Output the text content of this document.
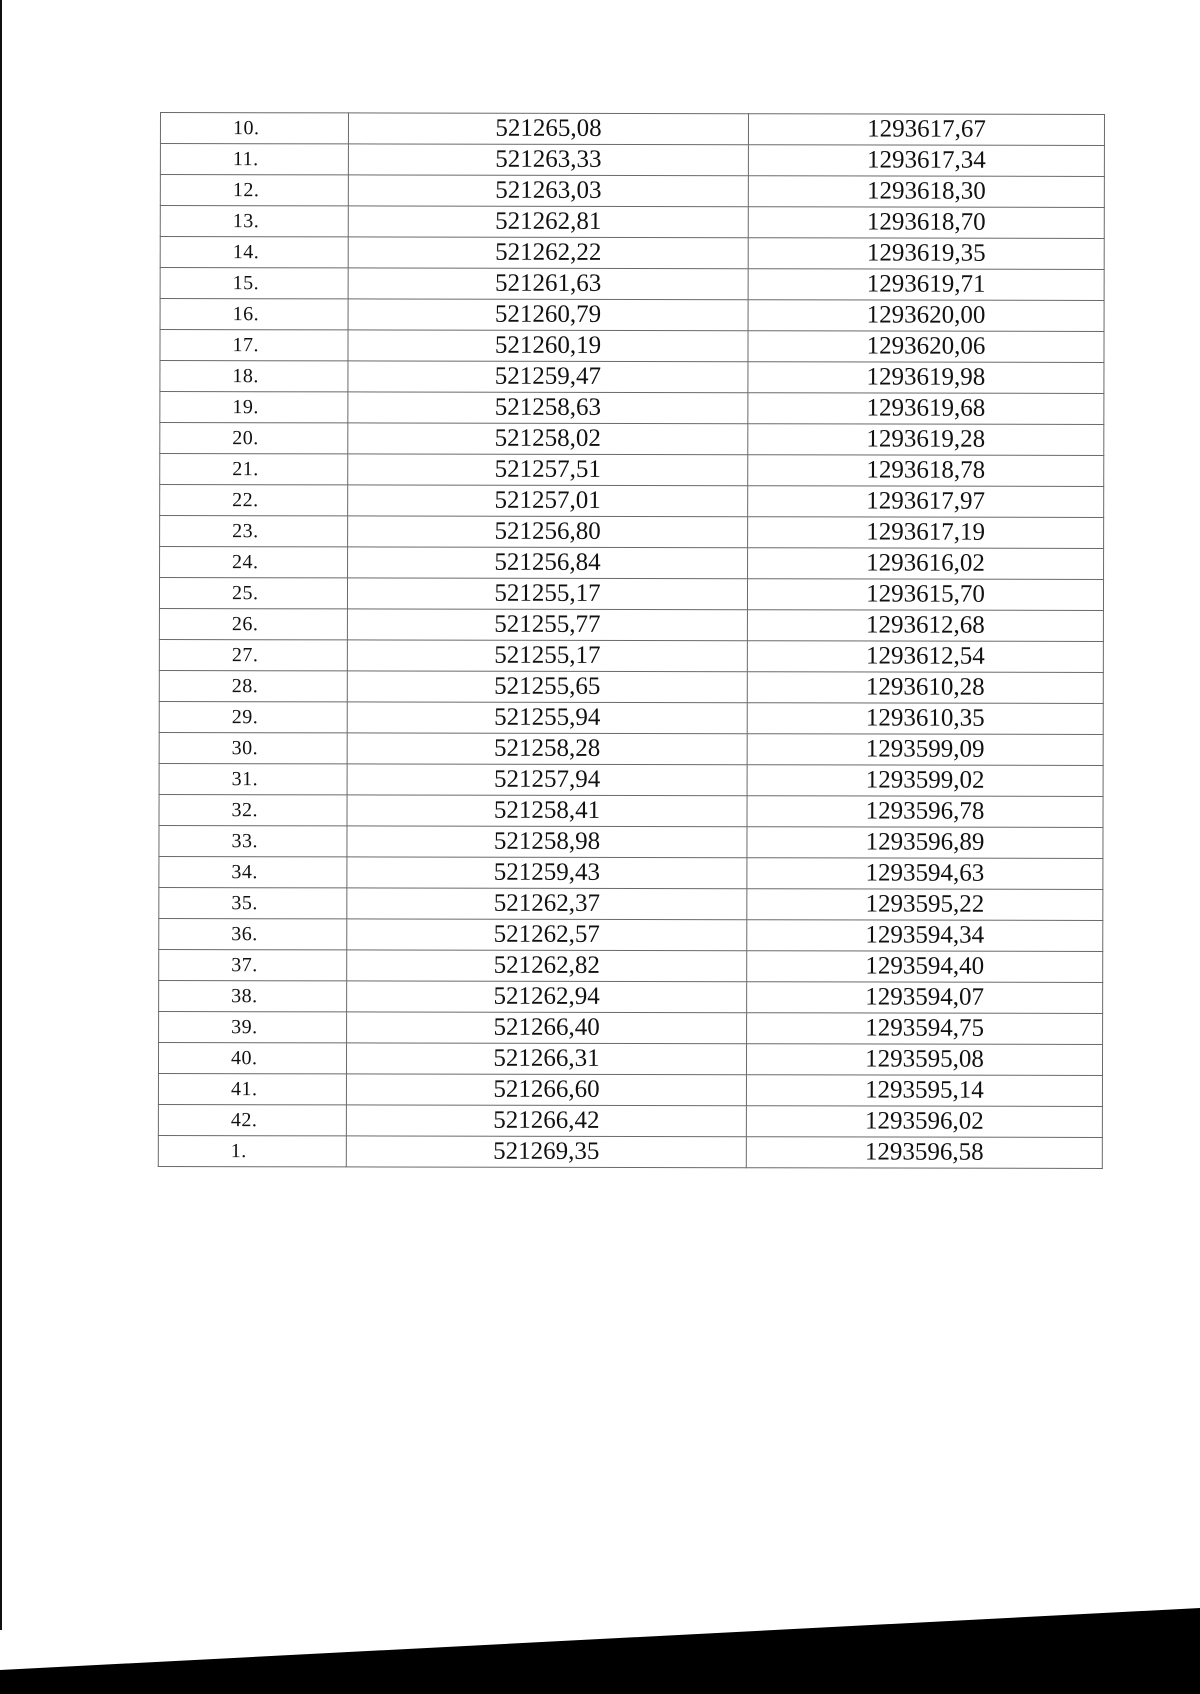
10.	521265,08	1293617,67
11.	521263,33	1293617,34
12.	521263,03	1293618,30
13.	521262,81	1293618,70
14.	521262,22	1293619,35
15.	521261,63	1293619,71
16.	521260,79	1293620,00
17.	521260,19	1293620,06
18.	521259,47	1293619,98
19.	521258,63	1293619,68
20.	521258,02	1293619,28
21.	521257,51	1293618,78
22.	521257,01	1293617,97
23.	521256,80	1293617,19
24.	521256,84	1293616,02
25.	521255,17	1293615,70
26.	521255,77	1293612,68
27.	521255,17	1293612,54
28.	521255,65	1293610,28
29.	521255,94	1293610,35
30.	521258,28	1293599,09
31.	521257,94	1293599,02
32.	521258,41	1293596,78
33.	521258,98	1293596,89
34.	521259,43	1293594,63
35.	521262,37	1293595,22
36.	521262,57	1293594,34
37.	521262,82	1293594,40
38.	521262,94	1293594,07
39.	521266,40	1293594,75
40.	521266,31	1293595,08
41.	521266,60	1293595,14
42.	521266,42	1293596,02
1.	521269,35	1293596,58
